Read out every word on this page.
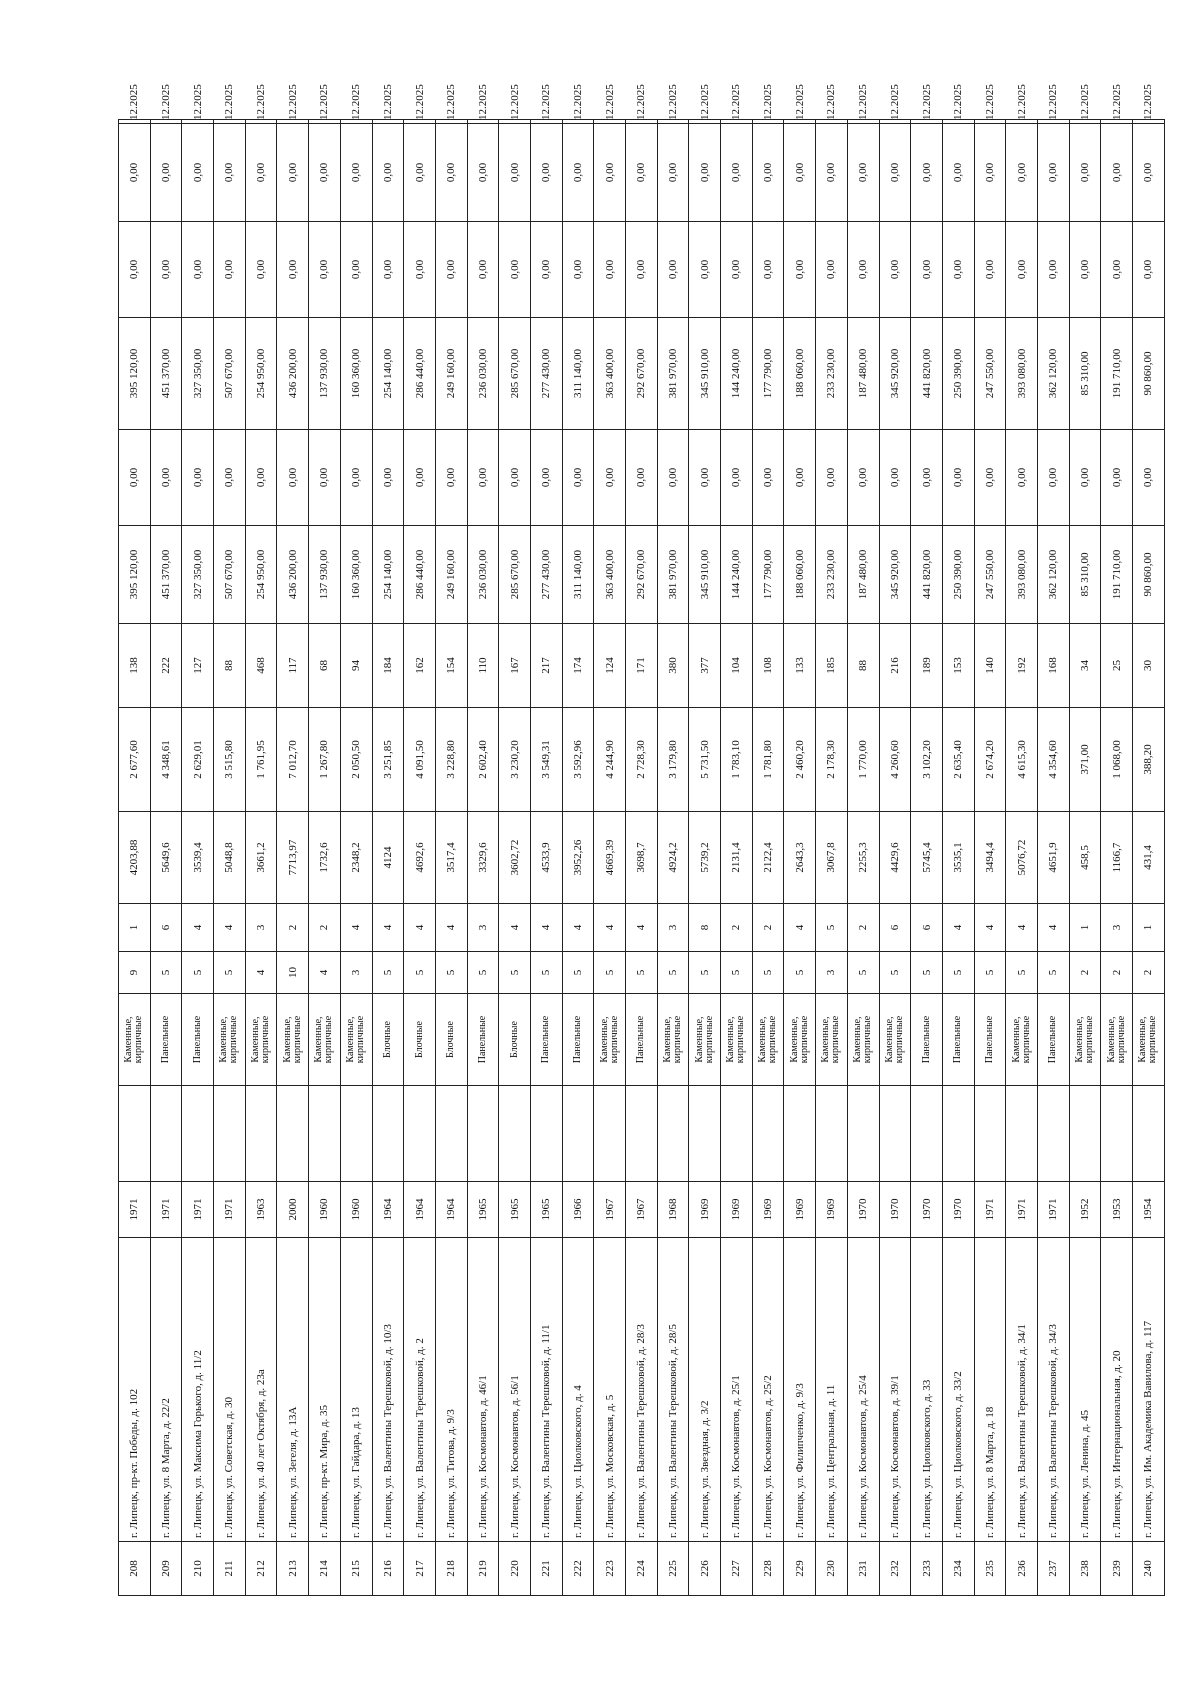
208	г. Липецк, пр-кт. Победы, д. 102	1971		Каменные, кирпичные	9	1	4203,88	2 677,60	138	395 120,00	0,00	395 120,00	0,00	0,00	12.2025
209	г. Липецк, ул. 8 Марта, д. 22/2	1971		Панельные	5	6	5649,6	4 348,61	222	451 370,00	0,00	451 370,00	0,00	0,00	12.2025
210	г. Липецк, ул. Максима Горького, д. 11/2	1971		Панельные	5	4	3539,4	2 629,01	127	327 350,00	0,00	327 350,00	0,00	0,00	12.2025
211	г. Липецк, ул. Советская, д. 30	1971		Каменные, кирпичные	5	4	5048,8	3 515,80	88	507 670,00	0,00	507 670,00	0,00	0,00	12.2025
212	г. Липецк, ул. 40 лет Октября, д. 23а	1963		Каменные, кирпичные	4	3	3661,2	1 761,95	468	254 950,00	0,00	254 950,00	0,00	0,00	12.2025
213	г. Липецк, ул. Зегеля, д. 13А	2000		Каменные, кирпичные	10	2	7713,97	7 012,70	117	436 200,00	0,00	436 200,00	0,00	0,00	12.2025
214	г. Липецк, пр-кт. Мира, д. 35	1960		Каменные, кирпичные	4	2	1732,6	1 267,80	68	137 930,00	0,00	137 930,00	0,00	0,00	12.2025
215	г. Липецк, ул. Гайдара, д. 13	1960		Каменные, кирпичные	3	4	2348,2	2 050,50	94	160 360,00	0,00	160 360,00	0,00	0,00	12.2025
216	г. Липецк, ул. Валентины Терешковой, д. 10/3	1964		Блочные	5	4	4124	3 251,85	184	254 140,00	0,00	254 140,00	0,00	0,00	12.2025
217	г. Липецк, ул. Валентины Терешковой, д. 2	1964		Блочные	5	4	4692,6	4 091,50	162	286 440,00	0,00	286 440,00	0,00	0,00	12.2025
218	г. Липецк, ул. Титова, д. 9/3	1964		Блочные	5	4	3517,4	3 228,80	154	249 160,00	0,00	249 160,00	0,00	0,00	12.2025
219	г. Липецк, ул. Космонавтов, д. 46/1	1965		Панельные	5	3	3329,6	2 602,40	110	236 030,00	0,00	236 030,00	0,00	0,00	12.2025
220	г. Липецк, ул. Космонавтов, д. 56/1	1965		Блочные	5	4	3602,72	3 230,20	167	285 670,00	0,00	285 670,00	0,00	0,00	12.2025
221	г. Липецк, ул. Валентины Терешковой, д. 11/1	1965		Панельные	5	4	4533,9	3 549,31	217	277 430,00	0,00	277 430,00	0,00	0,00	12.2025
222	г. Липецк, ул. Циолковского, д. 4	1966		Панельные	5	4	3952,26	3 592,96	174	311 140,00	0,00	311 140,00	0,00	0,00	12.2025
223	г. Липецк, ул. Московская, д. 5	1967		Каменные, кирпичные	5	4	4669,39	4 244,90	124	363 400,00	0,00	363 400,00	0,00	0,00	12.2025
224	г. Липецк, ул. Валентины Терешковой, д. 28/3	1967		Панельные	5	4	3698,7	2 728,30	171	292 670,00	0,00	292 670,00	0,00	0,00	12.2025
225	г. Липецк, ул. Валентины Терешковой, д. 28/5	1968		Каменные, кирпичные	5	3	4924,2	3 179,80	380	381 970,00	0,00	381 970,00	0,00	0,00	12.2025
226	г. Липецк, ул. Звездная, д. 3/2	1969		Каменные, кирпичные	5	8	5739,2	5 731,50	377	345 910,00	0,00	345 910,00	0,00	0,00	12.2025
227	г. Липецк, ул. Космонавтов, д. 25/1	1969		Каменные, кирпичные	5	2	2131,4	1 783,10	104	144 240,00	0,00	144 240,00	0,00	0,00	12.2025
228	г. Липецк, ул. Космонавтов, д. 25/2	1969		Каменные, кирпичные	5	2	2122,4	1 781,80	108	177 790,00	0,00	177 790,00	0,00	0,00	12.2025
229	г. Липецк, ул. Филипченко, д. 9/3	1969		Каменные, кирпичные	5	4	2643,3	2 460,20	133	188 060,00	0,00	188 060,00	0,00	0,00	12.2025
230	г. Липецк, ул. Центральная, д. 11	1969		Каменные, кирпичные	3	5	3067,8	2 178,30	185	233 230,00	0,00	233 230,00	0,00	0,00	12.2025
231	г. Липецк, ул. Космонавтов, д. 25/4	1970		Каменные, кирпичные	5	2	2255,3	1 770,00	88	187 480,00	0,00	187 480,00	0,00	0,00	12.2025
232	г. Липецк, ул. Космонавтов, д. 39/1	1970		Каменные, кирпичные	5	6	4429,6	4 260,60	216	345 920,00	0,00	345 920,00	0,00	0,00	12.2025
233	г. Липецк, ул. Циолковского, д. 33	1970		Панельные	5	6	5745,4	3 102,20	189	441 820,00	0,00	441 820,00	0,00	0,00	12.2025
234	г. Липецк, ул. Циолковского, д. 33/2	1970		Панельные	5	4	3535,1	2 635,40	153	250 390,00	0,00	250 390,00	0,00	0,00	12.2025
235	г. Липецк, ул. 8 Марта, д. 18	1971		Панельные	5	4	3494,4	2 674,20	140	247 550,00	0,00	247 550,00	0,00	0,00	12.2025
236	г. Липецк, ул. Валентины Терешковой, д. 34/1	1971		Каменные, кирпичные	5	4	5076,72	4 615,30	192	393 080,00	0,00	393 080,00	0,00	0,00	12.2025
237	г. Липецк, ул. Валентины Терешковой, д. 34/3	1971		Панельные	5	4	4651,9	4 354,60	168	362 120,00	0,00	362 120,00	0,00	0,00	12.2025
238	г. Липецк, ул. Ленина, д. 45	1952		Каменные, кирпичные	2	1	458,5	371,00	34	85 310,00	0,00	85 310,00	0,00	0,00	12.2025
239	г. Липецк, ул. Интернациональная, д. 20	1953		Каменные, кирпичные	2	3	1166,7	1 068,00	25	191 710,00	0,00	191 710,00	0,00	0,00	12.2025
240	г. Липецк, ул. Им. Академика Вавилова, д. 117	1954		Каменные, кирпичные	2	1	431,4	388,20	30	90 860,00	0,00	90 860,00	0,00	0,00	12.2025
